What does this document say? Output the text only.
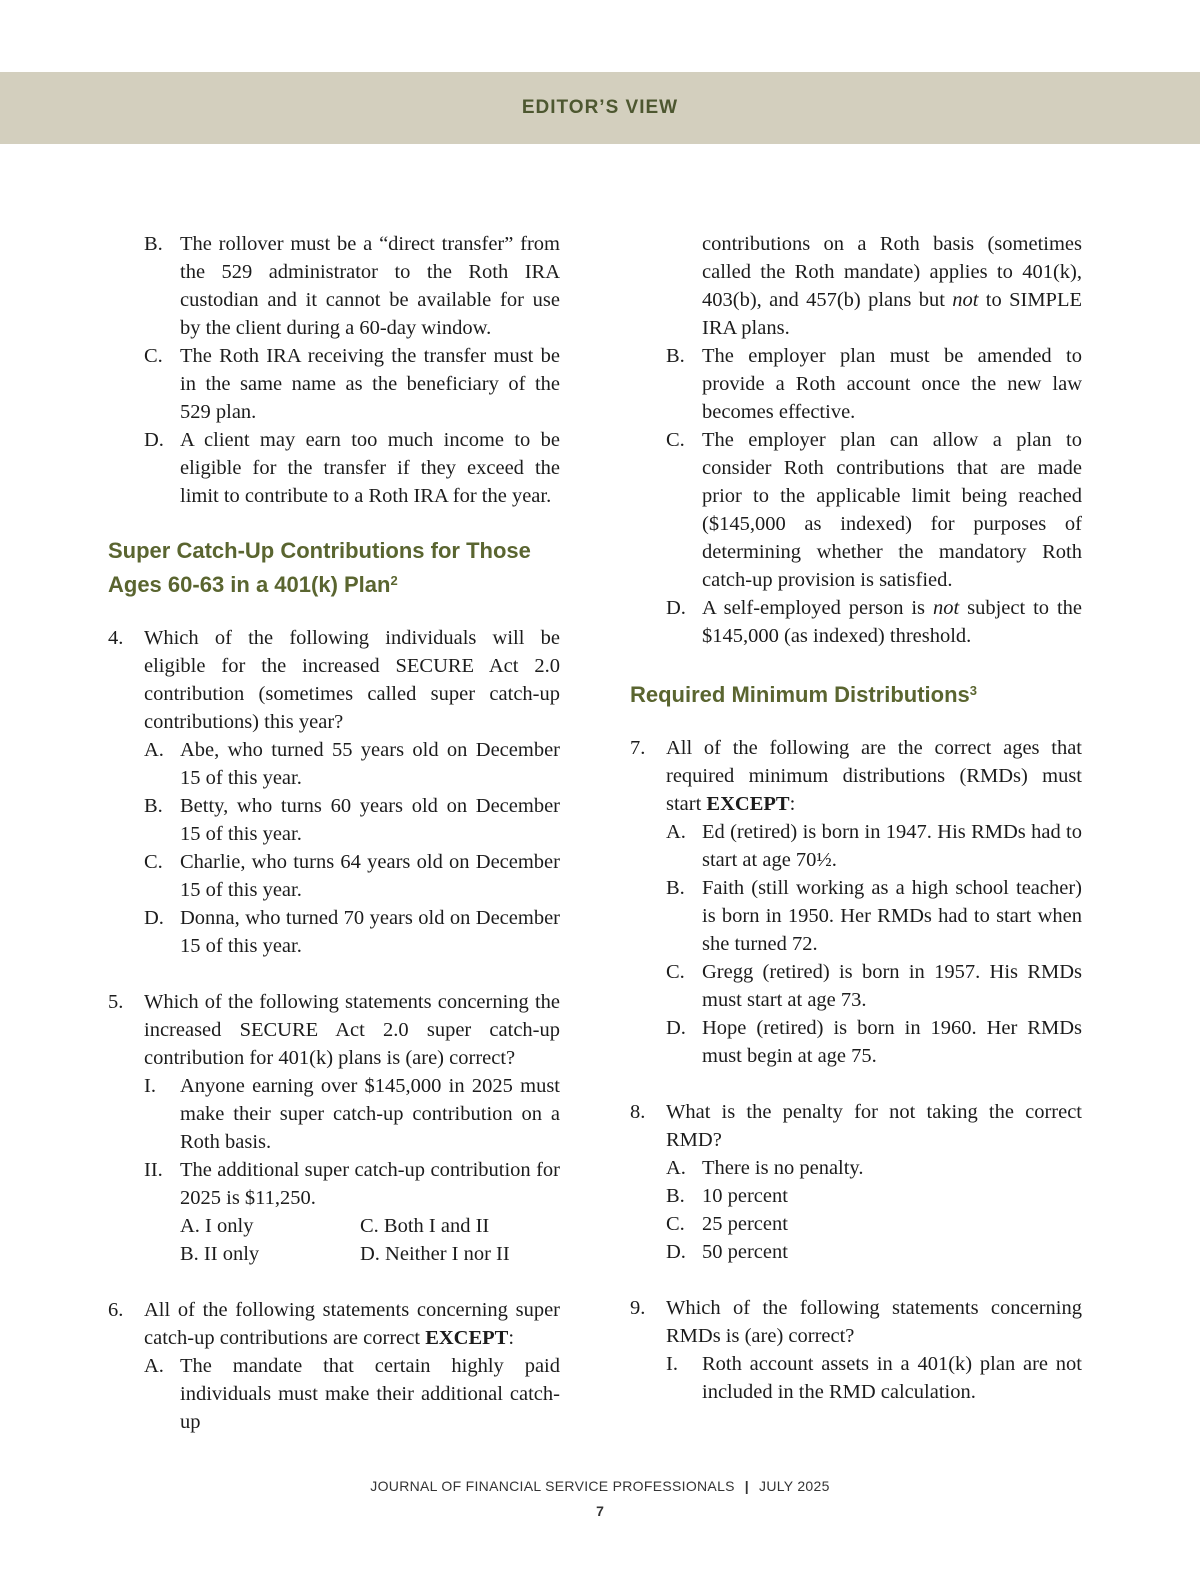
EDITOR’S VIEW
B. The rollover must be a “direct transfer” from the 529 administrator to the Roth IRA custodian and it cannot be available for use by the client during a 60-day window.
C. The Roth IRA receiving the transfer must be in the same name as the beneficiary of the 529 plan.
D. A client may earn too much income to be eligible for the transfer if they exceed the limit to contribute to a Roth IRA for the year.
Super Catch-Up Contributions for Those Ages 60-63 in a 401(k) Plan$^2$
4. Which of the following individuals will be eligible for the increased SECURE Act 2.0 contribution (sometimes called super catch-up contributions) this year?
A. Abe, who turned 55 years old on December 15 of this year.
B. Betty, who turns 60 years old on December 15 of this year.
C. Charlie, who turns 64 years old on December 15 of this year.
D. Donna, who turned 70 years old on December 15 of this year.
5. Which of the following statements concerning the increased SECURE Act 2.0 super catch-up contribution for 401(k) plans is (are) correct?
I. Anyone earning over $145,000 in 2025 must make their super catch-up contribution on a Roth basis.
II. The additional super catch-up contribution for 2025 is $11,250.
A. I only	C. Both I and II
B. II only	D. Neither I nor II
6. All of the following statements concerning super catch-up contributions are correct EXCEPT:
A. The mandate that certain highly paid individuals must make their additional catch-up
contributions on a Roth basis (sometimes called the Roth mandate) applies to 401(k), 403(b), and 457(b) plans but not to SIMPLE IRA plans.
B. The employer plan must be amended to provide a Roth account once the new law becomes effective.
C. The employer plan can allow a plan to consider Roth contributions that are made prior to the applicable limit being reached ($145,000 as indexed) for purposes of determining whether the mandatory Roth catch-up provision is satisfied.
D. A self-employed person is not subject to the $145,000 (as indexed) threshold.
Required Minimum Distributions$^3$
7. All of the following are the correct ages that required minimum distributions (RMDs) must start EXCEPT:
A. Ed (retired) is born in 1947. His RMDs had to start at age 70½.
B. Faith (still working as a high school teacher) is born in 1950. Her RMDs had to start when she turned 72.
C. Gregg (retired) is born in 1957. His RMDs must start at age 73.
D. Hope (retired) is born in 1960. Her RMDs must begin at age 75.
8. What is the penalty for not taking the correct RMD?
A. There is no penalty.
B. 10 percent
C. 25 percent
D. 50 percent
9. Which of the following statements concerning RMDs is (are) correct?
I. Roth account assets in a 401(k) plan are not included in the RMD calculation.
JOURNAL OF FINANCIAL SERVICE PROFESSIONALS | JULY 2025
7
